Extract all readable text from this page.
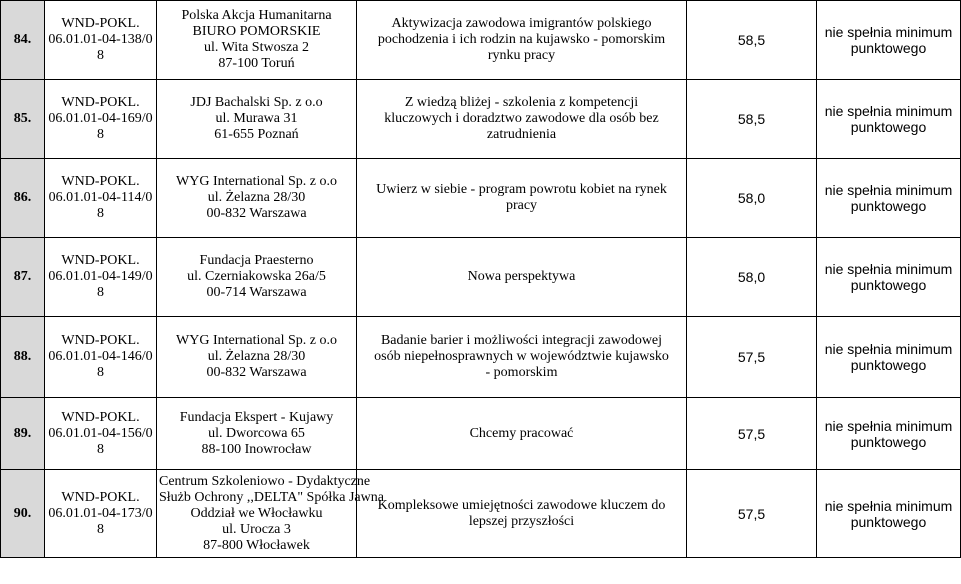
84.	WND-POKL.
06.01.01-04-138/0
8	Polska Akcja Humanitarna
BIURO POMORSKIE
ul. Wita Stwosza 2
87-100 Toruń	Aktywizacja zawodowa imigrantów polskiego
pochodzenia i ich rodzin na kujawsko - pomorskim
rynku pracy	58,5	nie spełnia minimum
punktowego

85.	WND-POKL.
06.01.01-04-169/0
8	JDJ Bachalski Sp. z o.o
ul. Murawa 31
61-655 Poznań	Z wiedzą bliżej - szkolenia z kompetencji
kluczowych i doradztwo zawodowe dla osób bez
zatrudnienia	58,5	nie spełnia minimum
punktowego

86.	WND-POKL.
06.01.01-04-114/0
8	WYG International Sp. z o.o
ul. Żelazna 28/30
00-832 Warszawa	Uwierz w siebie - program powrotu kobiet na rynek
pracy	58,0	nie spełnia minimum
punktowego

87.	WND-POKL.
06.01.01-04-149/0
8	Fundacja Praesterno
ul. Czerniakowska 26a/5
00-714 Warszawa	Nowa perspektywa	58,0	nie spełnia minimum
punktowego

88.	WND-POKL.
06.01.01-04-146/0
8	WYG International Sp. z o.o
ul. Żelazna 28/30
00-832 Warszawa	Badanie barier i możliwości integracji zawodowej
osób niepełnosprawnych w województwie kujawsko
- pomorskim	57,5	nie spełnia minimum
punktowego

89.	WND-POKL.
06.01.01-04-156/0
8	Fundacja Ekspert - Kujawy
ul. Dworcowa 65
88-100 Inowrocław	Chcemy pracować	57,5	nie spełnia minimum
punktowego

90.	WND-POKL.
06.01.01-04-173/0
8	Centrum Szkoleniowo - Dydaktyczne
Służb Ochrony ,,DELTA" Spółka Jawna
Oddział we Włocławku
ul. Urocza 3
87-800 Włocławek	Kompleksowe umiejętności zawodowe kluczem do
lepszej przyszłości	57,5	nie spełnia minimum
punktowego
